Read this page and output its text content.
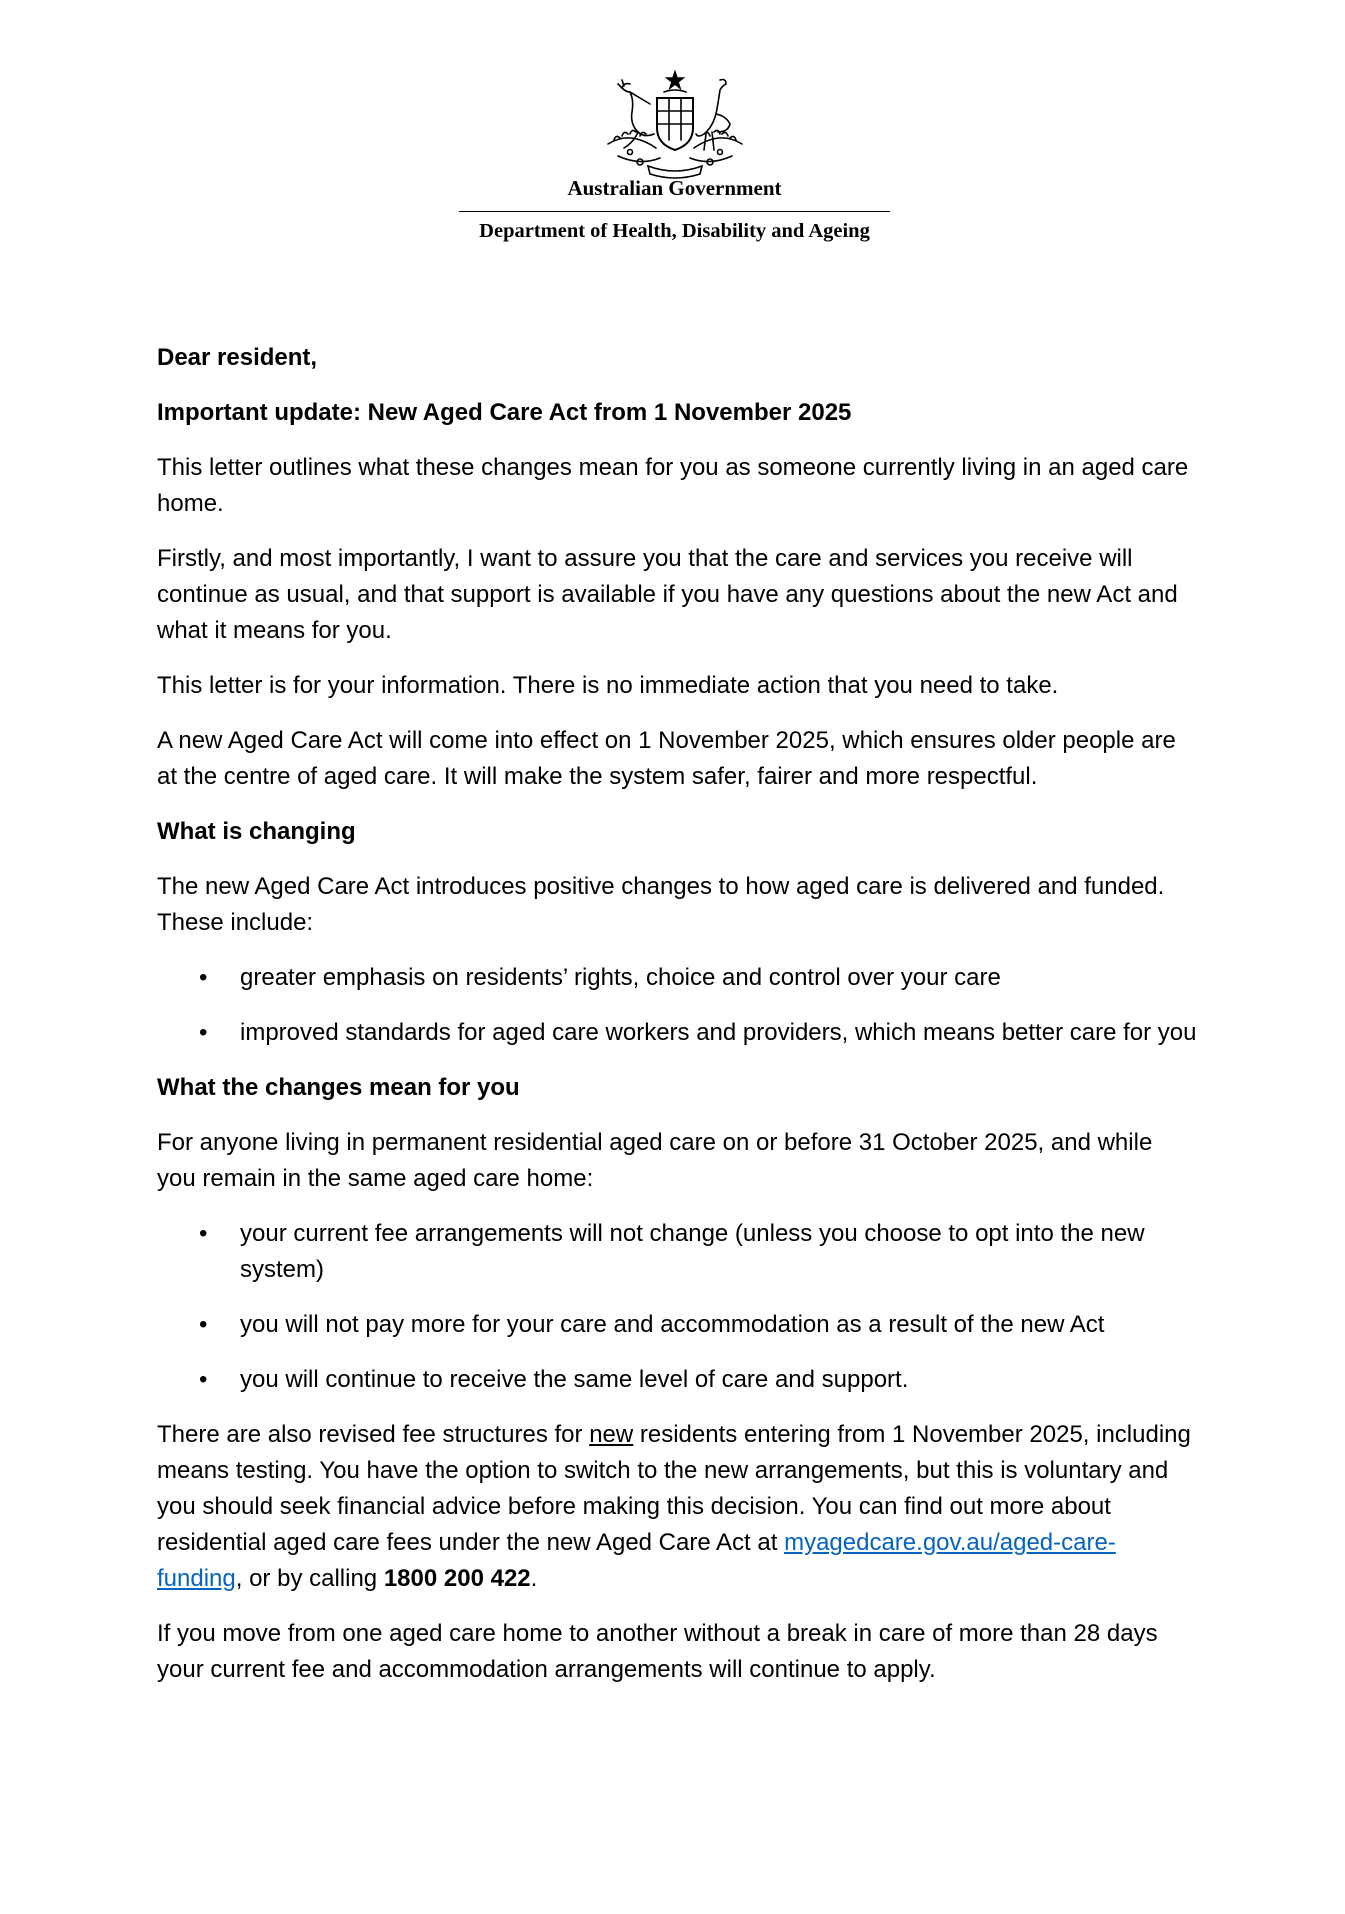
Australian Government
Department of Health, Disability and Ageing

Dear resident,

Important update: New Aged Care Act from 1 November 2025

This letter outlines what these changes mean for you as someone currently living in an aged care home.

Firstly, and most importantly, I want to assure you that the care and services you receive will continue as usual, and that support is available if you have any questions about the new Act and what it means for you.

This letter is for your information. There is no immediate action that you need to take.

A new Aged Care Act will come into effect on 1 November 2025, which ensures older people are at the centre of aged care. It will make the system safer, fairer and more respectful.

What is changing

The new Aged Care Act introduces positive changes to how aged care is delivered and funded. These include:

• greater emphasis on residents’ rights, choice and control over your care
• improved standards for aged care workers and providers, which means better care for you

What the changes mean for you

For anyone living in permanent residential aged care on or before 31 October 2025, and while you remain in the same aged care home:

• your current fee arrangements will not change (unless you choose to opt into the new system)
• you will not pay more for your care and accommodation as a result of the new Act
• you will continue to receive the same level of care and support.

There are also revised fee structures for new residents entering from 1 November 2025, including means testing. You have the option to switch to the new arrangements, but this is voluntary and you should seek financial advice before making this decision. You can find out more about residential aged care fees under the new Aged Care Act at myagedcare.gov.au/aged-care-funding, or by calling 1800 200 422.

If you move from one aged care home to another without a break in care of more than 28 days your current fee and accommodation arrangements will continue to apply.
